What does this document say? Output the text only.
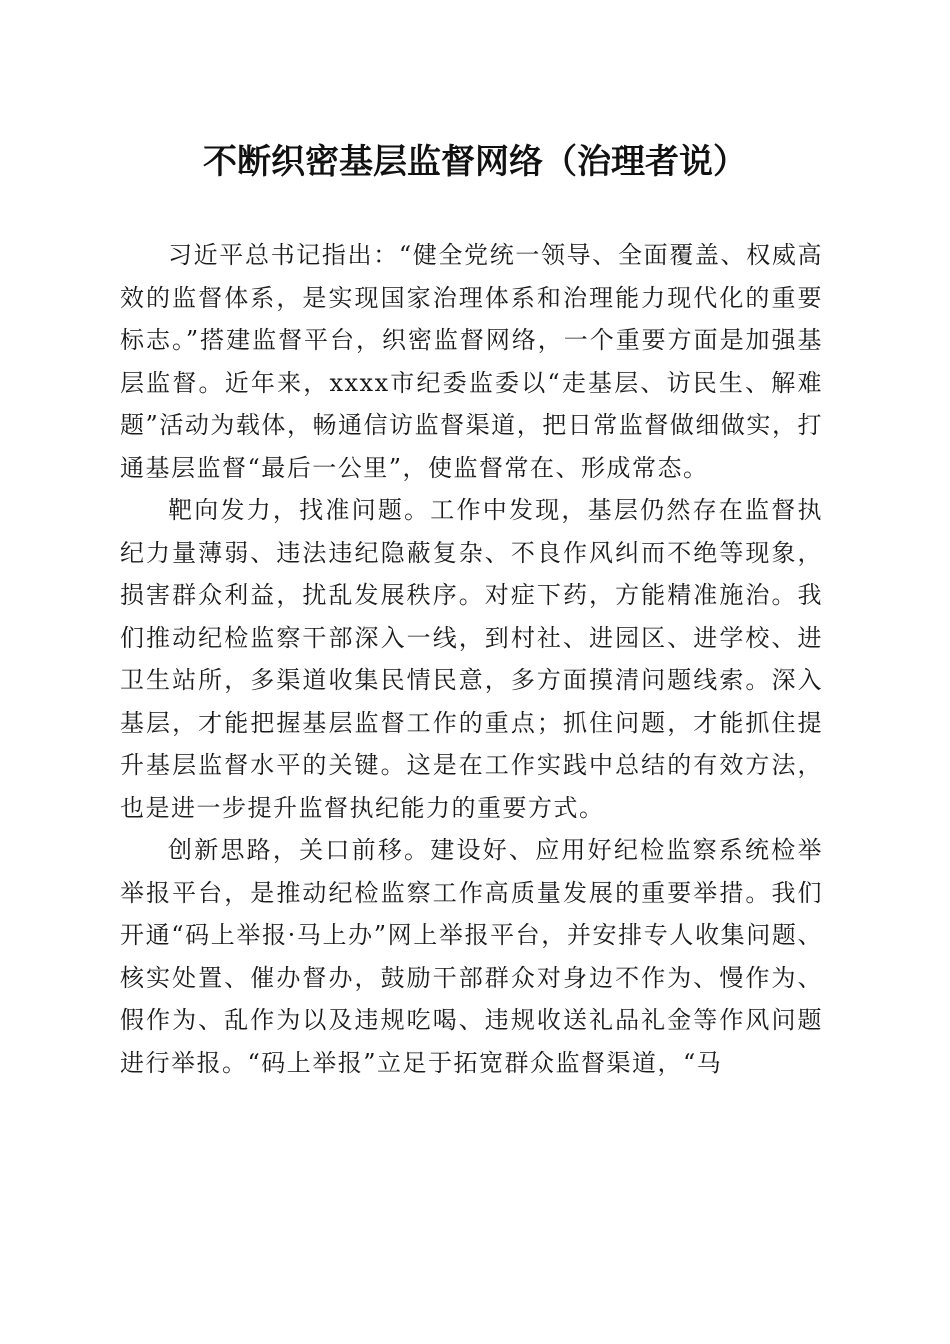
不断织密基层监督网络（治理者说）

习近平总书记指出：“健全党统一领导、全面覆盖、权威高效的监督体系，是实现国家治理体系和治理能力现代化的重要标志。”搭建监督平台，织密监督网络，一个重要方面是加强基层监督。近年来，xxxx市纪委监委以“走基层、访民生、解难题”活动为载体，畅通信访监督渠道，把日常监督做细做实，打通基层监督“最后一公里”，使监督常在、形成常态。

靶向发力，找准问题。工作中发现，基层仍然存在监督执纪力量薄弱、违法违纪隐蔽复杂、不良作风纠而不绝等现象，损害群众利益，扰乱发展秩序。对症下药，方能精准施治。我们推动纪检监察干部深入一线，到村社、进园区、进学校、进卫生站所，多渠道收集民情民意，多方面摸清问题线索。深入基层，才能把握基层监督工作的重点；抓住问题，才能抓住提升基层监督水平的关键。这是在工作实践中总结的有效方法，也是进一步提升监督执纪能力的重要方式。

创新思路，关口前移。建设好、应用好纪检监察系统检举举报平台，是推动纪检监察工作高质量发展的重要举措。我们开通“码上举报·马上办”网上举报平台，并安排专人收集问题、核实处置、催办督办，鼓励干部群众对身边不作为、慢作为、假作为、乱作为以及违规吃喝、违规收送礼品礼金等作风问题进行举报。“码上举报”立足于拓宽群众监督渠道，“马
